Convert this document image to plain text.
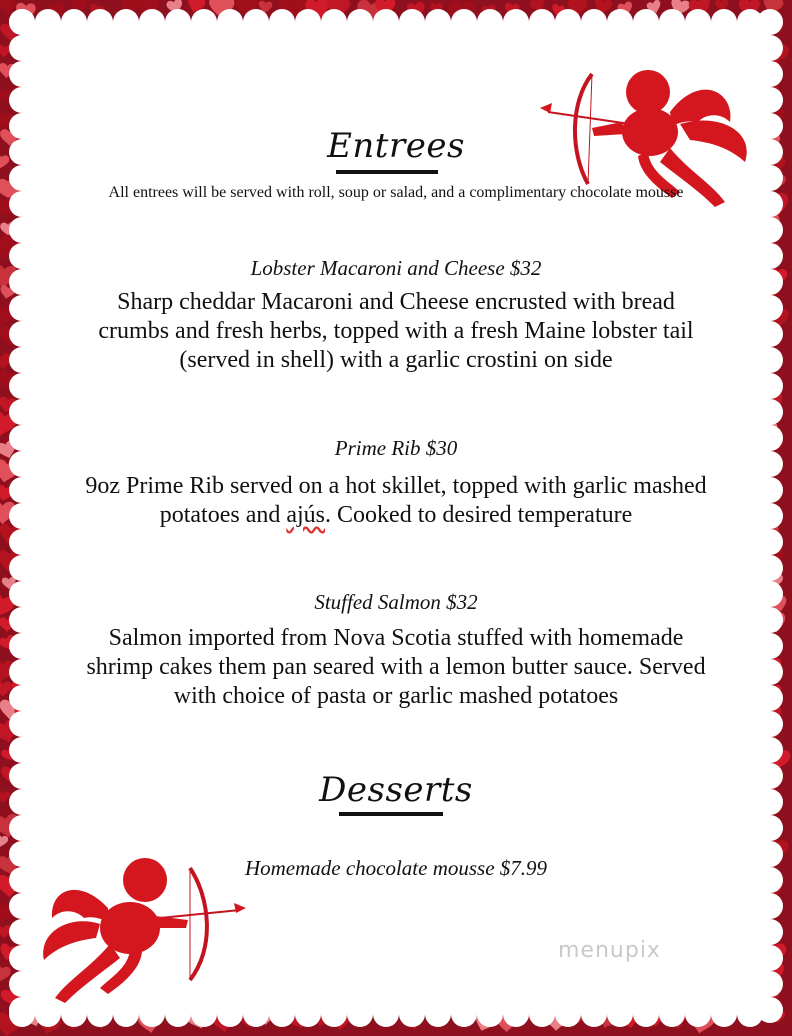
Entrees
All entrees will be served with roll, soup or salad, and a complimentary chocolate mousse
Lobster Macaroni and Cheese $32
Sharp cheddar Macaroni and Cheese encrusted with bread crumbs and fresh herbs, topped with a fresh Maine lobster tail (served in shell) with a garlic crostini on side
Prime Rib $30
9oz Prime Rib served on a hot skillet, topped with garlic mashed potatoes and ajús. Cooked to desired temperature
Stuffed Salmon $32
Salmon imported from Nova Scotia stuffed with homemade shrimp cakes them pan seared with a lemon butter sauce. Served with choice of pasta or garlic mashed potatoes
Desserts
Homemade chocolate mousse $7.99
menupix
